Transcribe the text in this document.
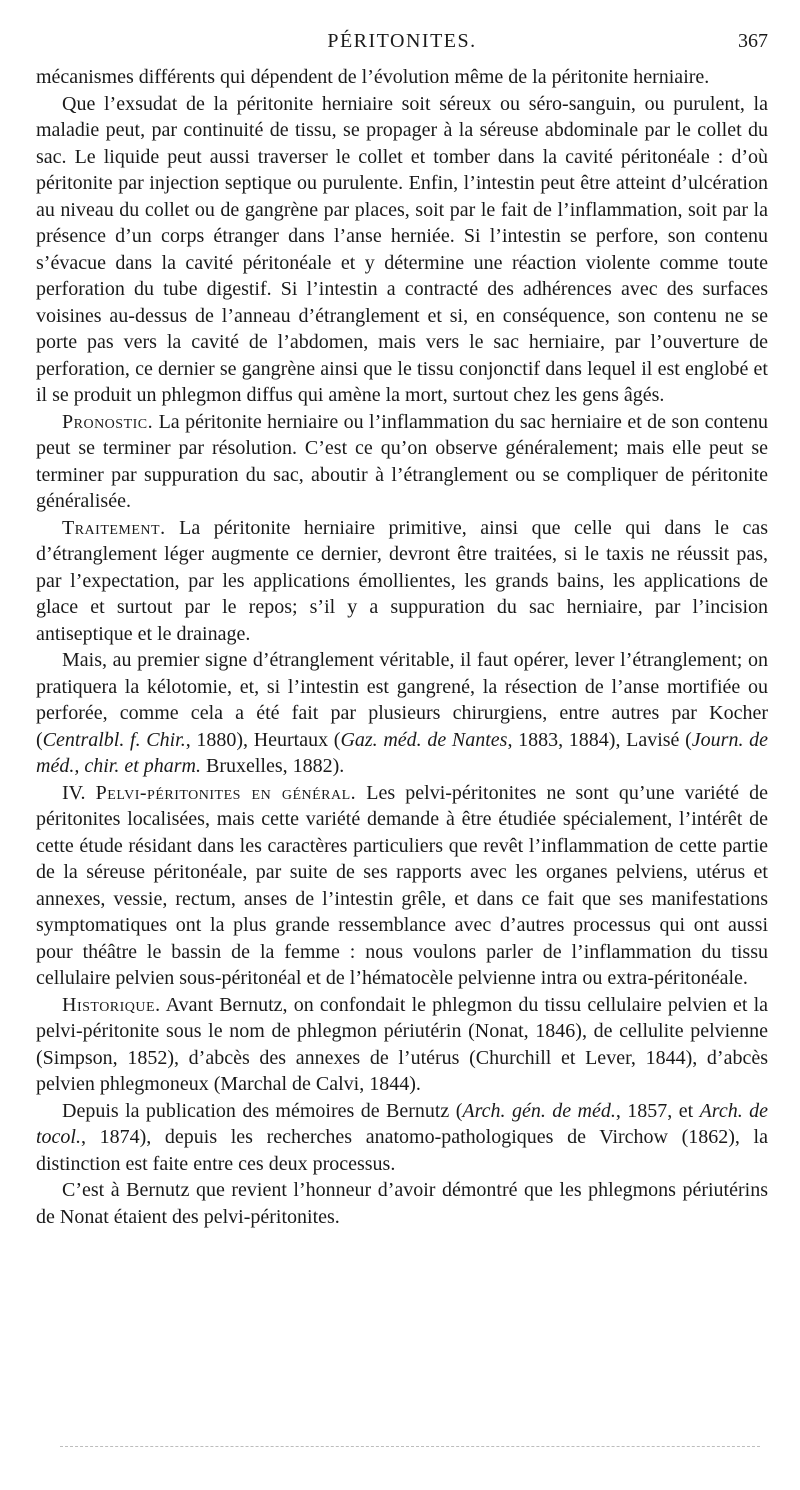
PÉRITONITES.	367

mécanismes différents qui dépendent de l’évolution même de la péritonite herniaire.

Que l’exsudat de la péritonite herniaire soit séreux ou séro-sanguin, ou purulent, la maladie peut, par continuité de tissu, se propager à la séreuse abdominale par le collet du sac. Le liquide peut aussi traverser le collet et tomber dans la cavité péritonéale : d’où péritonite par injection septique ou purulente. Enfin, l’intestin peut être atteint d’ulcération au niveau du collet ou de gangrène par places, soit par le fait de l’inflammation, soit par la présence d’un corps étranger dans l’anse herniée. Si l’intestin se perfore, son contenu s’évacue dans la cavité péritonéale et y détermine une réaction violente comme toute perforation du tube digestif. Si l’intestin a contracté des adhérences avec des surfaces voisines au-dessus de l’anneau d’étranglement et si, en conséquence, son contenu ne se porte pas vers la cavité de l’abdomen, mais vers le sac herniaire, par l’ouverture de perforation, ce dernier se gangrène ainsi que le tissu conjonctif dans lequel il est englobé et il se produit un phlegmon diffus qui amène la mort, surtout chez les gens âgés.

Pronostic. La péritonite herniaire ou l’inflammation du sac herniaire et de son contenu peut se terminer par résolution. C’est ce qu’on observe généralement; mais elle peut se terminer par suppuration du sac, aboutir à l’étranglement ou se compliquer de péritonite généralisée.

Traitement. La péritonite herniaire primitive, ainsi que celle qui dans le cas d’étranglement léger augmente ce dernier, devront être traitées, si le taxis ne réussit pas, par l’expectation, par les applications émollientes, les grands bains, les applications de glace et surtout par le repos; s’il y a suppuration du sac herniaire, par l’incision antiseptique et le drainage.

Mais, au premier signe d’étranglement véritable, il faut opérer, lever l’étranglement; on pratiquera la kélotomie, et, si l’intestin est gangrené, la résection de l’anse mortifiée ou perforée, comme cela a été fait par plusieurs chirurgiens, entre autres par Kocher (Centralbl. f. Chir., 1880), Heurtaux (Gaz. méd. de Nantes, 1883, 1884), Lavisé (Journ. de méd., chir. et pharm. Bruxelles, 1882).

IV. Pelvi-péritonites en général. Les pelvi-péritonites ne sont qu’une variété de péritonites localisées, mais cette variété demande à être étudiée spécialement, l’intérêt de cette étude résidant dans les caractères particuliers que revêt l’inflammation de cette partie de la séreuse péritonéale, par suite de ses rapports avec les organes pelviens, utérus et annexes, vessie, rectum, anses de l’intestin grêle, et dans ce fait que ses manifestations symptomatiques ont la plus grande ressemblance avec d’autres processus qui ont aussi pour théâtre le bassin de la femme : nous voulons parler de l’inflammation du tissu cellulaire pelvien sous-péritonéal et de l’hématocèle pelvienne intra ou extra-péritonéale.

Historique. Avant Bernutz, on confondait le phlegmon du tissu cellulaire pelvien et la pelvi-péritonite sous le nom de phlegmon périutérin (Nonat, 1846), de cellulite pelvienne (Simpson, 1852), d’abcès des annexes de l’utérus (Churchill et Lever, 1844), d’abcès pelvien phlegmoneux (Marchal de Calvi, 1844).

Depuis la publication des mémoires de Bernutz (Arch. gén. de méd., 1857, et Arch. de tocol., 1874), depuis les recherches anatomo-pathologiques de Virchow (1862), la distinction est faite entre ces deux processus.

C’est à Bernutz que revient l’honneur d’avoir démontré que les phlegmons périutérins de Nonat étaient des pelvi-péritonites.
